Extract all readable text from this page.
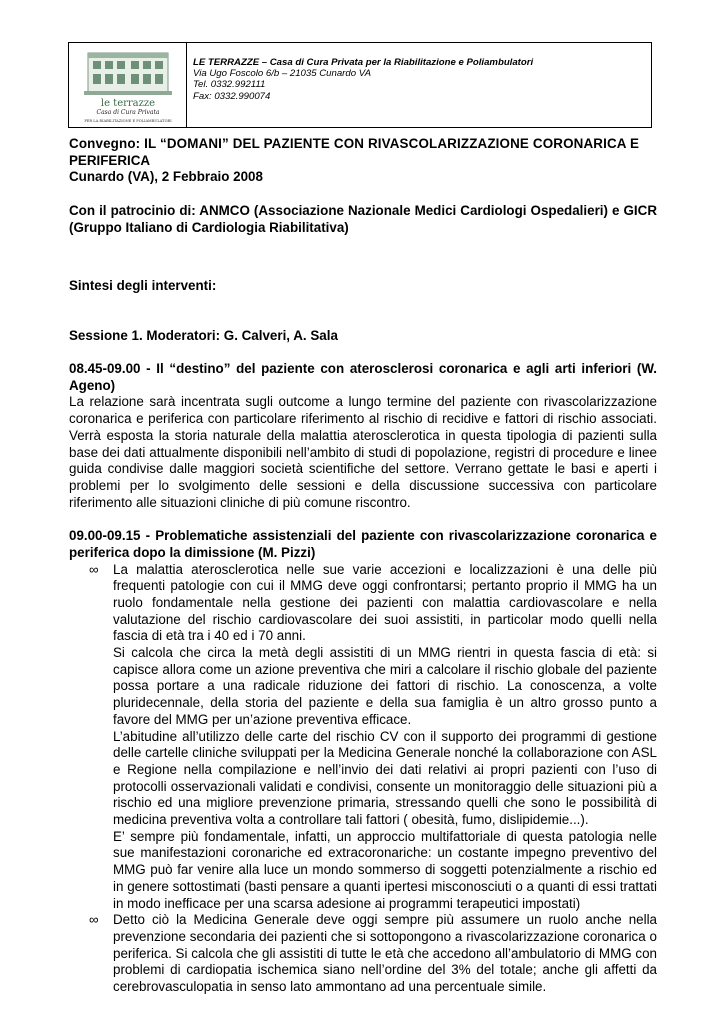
le terrazze
Casa di Cura Privata
PER LA RIABILITAZIONE E POLIAMBULATORI
LE TERRAZZE – Casa di Cura Privata per la Riabilitazione e Poliambulatori
Via Ugo Foscolo 6/b – 21035 Cunardo VA
Tel. 0332.992111
Fax: 0332.990074

Convegno: IL “DOMANI” DEL PAZIENTE CON RIVASCOLARIZZAZIONE CORONARICA E

PERIFERICA

Cunardo (VA), 2 Febbraio 2008

Con il patrocinio di: ANMCO (Associazione Nazionale Medici Cardiologi Ospedalieri) e GICR (Gruppo Italiano di Cardiologia Riabilitativa)

Sintesi degli interventi:

Sessione 1. Moderatori: G. Calveri, A. Sala

08.45-09.00 - Il “destino” del paziente con aterosclerosi coronarica e agli arti inferiori (W. Ageno)

La relazione sarà incentrata sugli outcome a lungo termine del paziente con rivascolarizzazione coronarica e periferica con particolare riferimento al rischio di recidive e fattori di rischio associati. Verrà esposta la storia naturale della malattia aterosclerotica in questa tipologia di pazienti sulla base dei dati attualmente disponibili nell’ambito di studi di popolazione, registri di procedure e linee guida condivise dalle maggiori società scientifiche del settore. Verrano gettate le basi e aperti i problemi per lo svolgimento delle sessioni e della discussione successiva con particolare riferimento alle situazioni cliniche di più comune riscontro.

09.00-09.15 - Problematiche assistenziali del paziente con rivascolarizzazione coronarica e periferica dopo la dimissione (M. Pizzi)

∞ La malattia aterosclerotica nelle sue varie accezioni e localizzazioni è una delle più frequenti patologie con cui il MMG deve oggi confrontarsi; pertanto proprio il MMG ha un ruolo fondamentale nella gestione dei pazienti con malattia cardiovascolare e nella valutazione del rischio cardiovascolare dei suoi assistiti, in particolar modo quelli nella fascia di età tra i 40 ed i 70 anni.

Si calcola che circa la metà degli assistiti di un MMG rientri in questa fascia di età: si capisce allora come un azione preventiva che miri a calcolare il rischio globale del paziente possa portare a una radicale riduzione dei fattori di rischio. La conoscenza, a volte pluridecennale, della storia del paziente e della sua famiglia è un altro grosso punto a favore del MMG per un’azione preventiva efficace.

L’abitudine all’utilizzo delle carte del rischio CV con il supporto dei programmi di gestione delle cartelle cliniche sviluppati per la Medicina Generale nonché la collaborazione con ASL e Regione nella compilazione e nell’invio dei dati relativi ai propri pazienti con l’uso di protocolli osservazionali validati e condivisi, consente un monitoraggio delle situazioni più a rischio ed una migliore prevenzione primaria, stressando quelli che sono le possibilità di medicina preventiva volta a controllare tali fattori ( obesità, fumo, dislipidemie...).

E’ sempre più fondamentale, infatti, un approccio multifattoriale di questa patologia nelle sue manifestazioni coronariche ed extracoronariche: un costante impegno preventivo del MMG può far venire alla luce un mondo sommerso di soggetti potenzialmente a rischio ed in genere sottostimati (basti pensare a quanti ipertesi misconosciuti o a quanti di essi trattati in modo inefficace per una scarsa adesione ai programmi terapeutici impostati)

∞ Detto ciò la Medicina Generale deve oggi sempre più assumere un ruolo anche nella prevenzione secondaria dei pazienti che si sottopongono a rivascolarizzazione coronarica o periferica. Si calcola che gli assistiti di tutte le età che accedono all’ambulatorio di MMG con problemi di cardiopatia ischemica siano nell’ordine del 3% del totale; anche gli affetti da cerebrovasculopatia in senso lato ammontano ad una percentuale simile.
